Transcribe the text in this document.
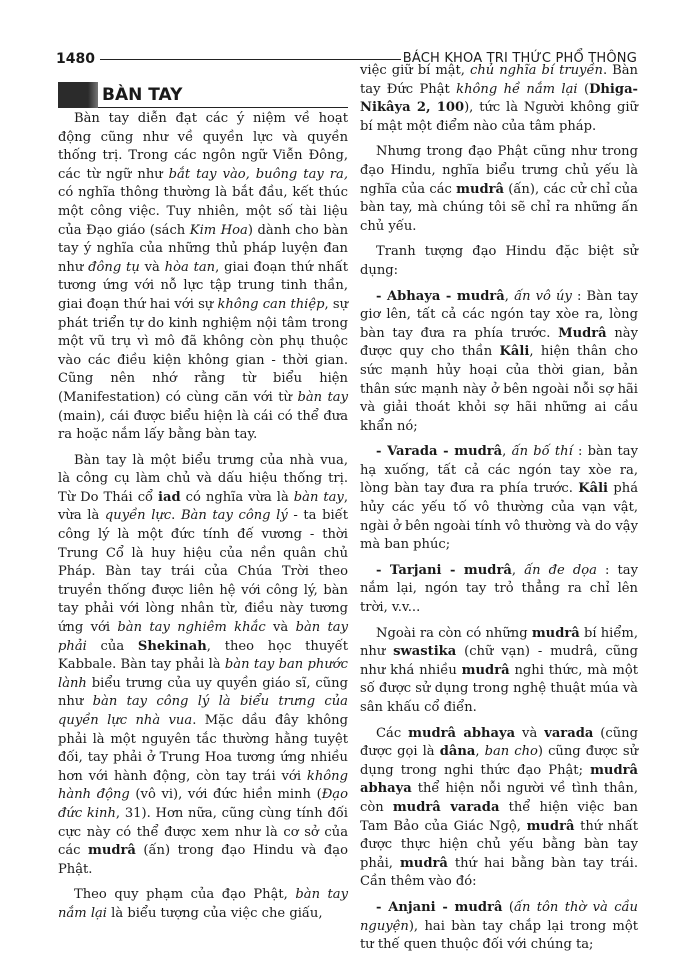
1480	BÁCH KHOA TRI THỨC PHỔ THÔNG
BÀN TAY

Bàn tay diễn đạt các ý niệm về hoạt động cũng như về quyền lực và quyền thống trị. Trong các ngôn ngữ Viễn Đông, các từ ngữ như bắt tay vào, buông tay ra, có nghĩa thông thường là bắt đầu, kết thúc một công việc. Tuy nhiên, một số tài liệu của Đạo giáo (sách Kim Hoa) dành cho bàn tay ý nghĩa của những thủ pháp luyện đan như đông tụ và hòa tan, giai đoạn thứ nhất tương ứng với nỗ lực tập trung tinh thần, giai đoạn thứ hai với sự không can thiệp, sự phát triển tự do kinh nghiệm nội tâm trong một vũ trụ vì mô đã không còn phụ thuộc vào các điều kiện không gian - thời gian. Cũng nên nhớ rằng từ biểu hiện (Manifestation) có cùng căn với từ bàn tay (main), cái được biểu hiện là cái có thể đưa ra hoặc nắm lấy bằng bàn tay.

Bàn tay là một biểu trưng của nhà vua, là công cụ làm chủ và dấu hiệu thống trị. Từ Do Thái cổ iad có nghĩa vừa là bàn tay, vừa là quyền lực. Bàn tay công lý - ta biết công lý là một đức tính đế vương - thời Trung Cổ là huy hiệu của nền quân chủ Pháp. Bàn tay trái của Chúa Trời theo truyền thống được liên hệ với công lý, bàn tay phải với lòng nhân từ, điều này tương ứng với bàn tay nghiêm khắc và bàn tay phải của Shekinah, theo học thuyết Kabbale. Bàn tay phải là bàn tay ban phước lành biểu trưng của uy quyền giáo sĩ, cũng như bàn tay công lý là biểu trưng của quyền lực nhà vua. Mặc dầu đây không phải là một nguyên tắc thường hằng tuyệt đối, tay phải ở Trung Hoa tương ứng nhiều hơn với hành động, còn tay trái với không hành động (vô vi), với đức hiền minh (Đạo đức kinh, 31). Hơn nữa, cũng cùng tính đối cực này có thể được xem như là cơ sở của các mudrâ (ấn) trong đạo Hindu và đạo Phật.

Theo quy phạm của đạo Phật, bàn tay nắm lại là biểu tượng của việc che giấu,

việc giữ bí mật, chủ nghĩa bí truyền. Bàn tay Đức Phật không hề nắm lại (Dhiga-Nikâya 2, 100), tức là Người không giữ bí mật một điểm nào của tâm pháp.

Nhưng trong đạo Phật cũng như trong đạo Hindu, nghĩa biểu trưng chủ yếu là nghĩa của các mudrâ (ấn), các cử chỉ của bàn tay, mà chúng tôi sẽ chỉ ra những ấn chủ yếu.

Tranh tượng đạo Hindu đặc biệt sử dụng:

- Abhaya - mudrâ, ấn vô úy : Bàn tay giơ lên, tất cả các ngón tay xòe ra, lòng bàn tay đưa ra phía trước. Mudrâ này được quy cho thần Kâli, hiện thân cho sức mạnh hủy hoại của thời gian, bản thân sức mạnh này ở bên ngoài nỗi sợ hãi và giải thoát khỏi sợ hãi những ai cầu khẩn nó;

- Varada - mudrâ, ấn bố thí : bàn tay hạ xuống, tất cả các ngón tay xòe ra, lòng bàn tay đưa ra phía trước. Kâli phá hủy các yếu tố vô thường của vạn vật, ngài ở bên ngoài tính vô thường và do vậy mà ban phúc;

- Tarjani - mudrâ, ấn đe dọa : tay nắm lại, ngón tay trỏ thẳng ra chỉ lên trời, v.v...

Ngoài ra còn có những mudrâ bí hiểm, như swastika (chữ vạn) - mudrâ, cũng như khá nhiều mudrâ nghi thức, mà một số được sử dụng trong nghệ thuật múa và sân khấu cổ điển.

Các mudrâ abhaya và varada (cũng được gọi là dâna, ban cho) cũng được sử dụng trong nghi thức đạo Phật; mudrâ abhaya thể hiện nỗi người về tình thân, còn mudrâ varada thể hiện việc ban Tam Bảo của Giác Ngộ, mudrâ thứ nhất được thực hiện chủ yếu bằng bàn tay phải, mudrâ thứ hai bằng bàn tay trái. Cần thêm vào đó:

- Anjani - mudrâ (ấn tôn thờ và cầu nguyện), hai bàn tay chắp lại trong một tư thế quen thuộc đối với chúng ta;
